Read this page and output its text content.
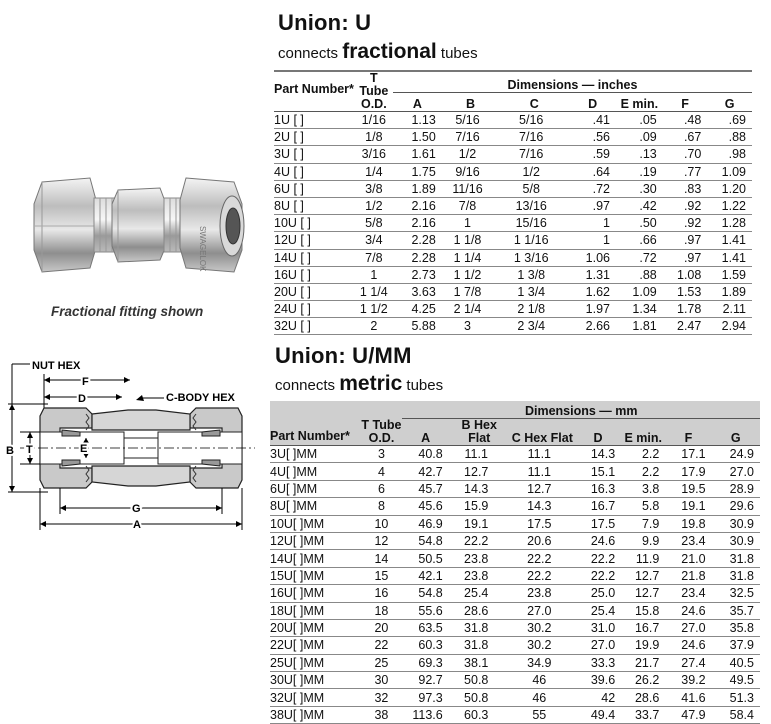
Union: U
connects fractional tubes
Part Number*	T Tube O.D.	Dimensions — inches						
		A	B	C	D	E min.	F	G
1U [ ]	1/16	1.13	5/16	5/16	.41	.05	.48	.69
2U [ ]	1/8	1.50	7/16	7/16	.56	.09	.67	.88
3U [ ]	3/16	1.61	1/2	7/16	.59	.13	.70	.98
4U [ ]	1/4	1.75	9/16	1/2	.64	.19	.77	1.09
6U [ ]	3/8	1.89	11/16	5/8	.72	.30	.83	1.20
8U [ ]	1/2	2.16	7/8	13/16	.97	.42	.92	1.22
10U [ ]	5/8	2.16	1	15/16	1	.50	.92	1.28
12U [ ]	3/4	2.28	1 1/8	1 1/16	1	.66	.97	1.41
14U [ ]	7/8	2.28	1 1/4	1 3/16	1.06	.72	.97	1.41
16U [ ]	1	2.73	1 1/2	1 3/8	1.31	.88	1.08	1.59
20U [ ]	1 1/4	3.63	1 7/8	1 3/4	1.62	1.09	1.53	1.89
24U [ ]	1 1/2	4.25	2 1/4	2 1/8	1.97	1.34	1.78	2.11
32U [ ]	2	5.88	3	2 3/4	2.66	1.81	2.47	2.94
Union: U/MM
connects metric tubes
Part Number*	T Tube O.D.	Dimensions — mm						
		A	B Hex Flat	C Hex Flat	D	E min.	F	G
3U[ ]MM	3	40.8	11.1	11.1	14.3	2.2	17.1	24.9
4U[ ]MM	4	42.7	12.7	11.1	15.1	2.2	17.9	27.0
6U[ ]MM	6	45.7	14.3	12.7	16.3	3.8	19.5	28.9
8U[ ]MM	8	45.6	15.9	14.3	16.7	5.8	19.1	29.6
10U[ ]MM	10	46.9	19.1	17.5	17.5	7.9	19.8	30.9
12U[ ]MM	12	54.8	22.2	20.6	24.6	9.9	23.4	30.9
14U[ ]MM	14	50.5	23.8	22.2	22.2	11.9	21.0	31.8
15U[ ]MM	15	42.1	23.8	22.2	22.2	12.7	21.8	31.8
16U[ ]MM	16	54.8	25.4	23.8	25.0	12.7	23.4	32.5
18U[ ]MM	18	55.6	28.6	27.0	25.4	15.8	24.6	35.7
20U[ ]MM	20	63.5	31.8	30.2	31.0	16.7	27.0	35.8
22U[ ]MM	22	60.3	31.8	30.2	27.0	19.9	24.6	37.9
25U[ ]MM	25	69.3	38.1	34.9	33.3	21.7	27.4	40.5
30U[ ]MM	30	92.7	50.8	46	39.6	26.2	39.2	49.5
32U[ ]MM	32	97.3	50.8	46	42	28.6	41.6	51.3
38U[ ]MM	38	113.6	60.3	55	49.4	33.7	47.9	58.4
SWAGELOK
Fractional fitting shown
NUT HEX
C-BODY HEX
F
D
B T	E
G
A
